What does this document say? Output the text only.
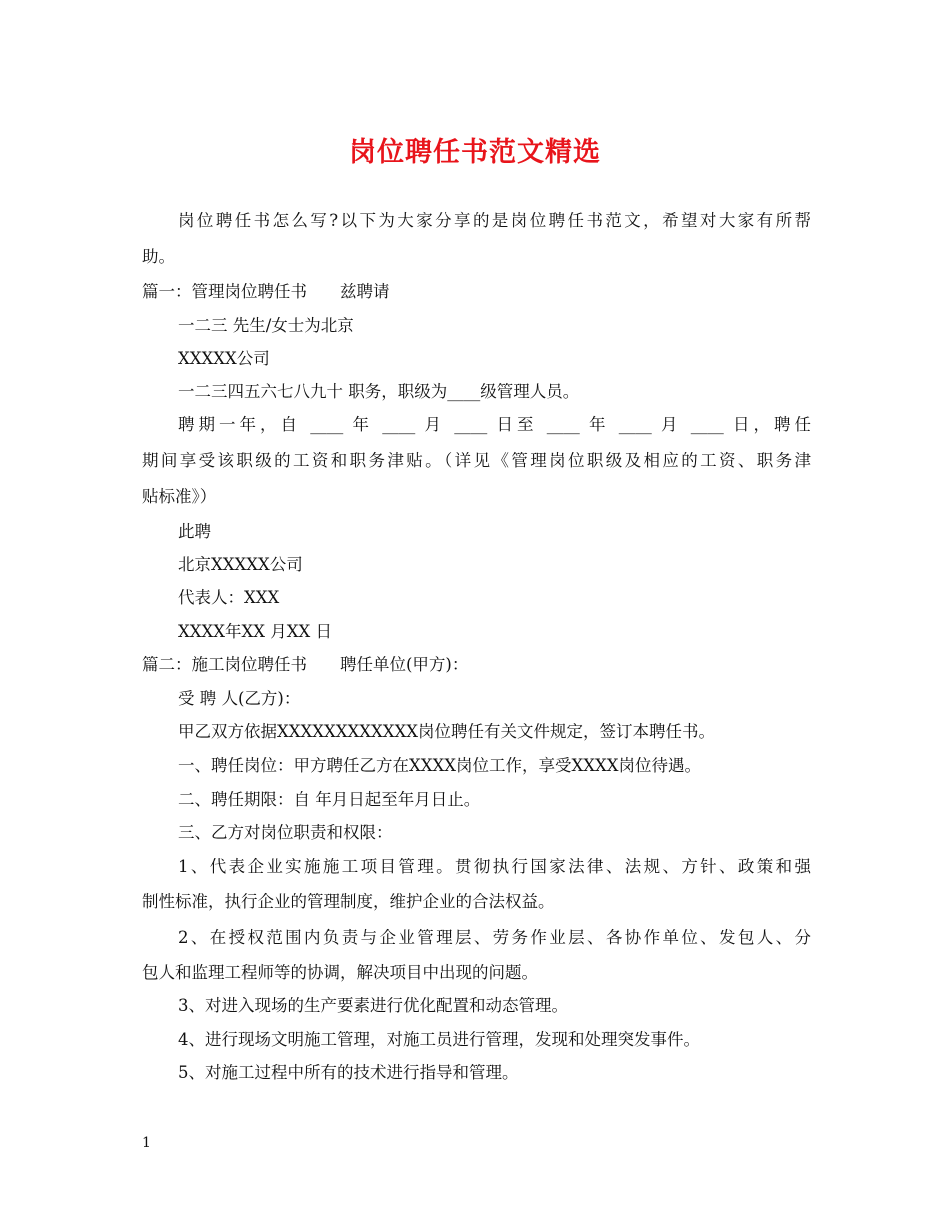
岗位聘任书范文精选
岗位聘任书怎么写?以下为大家分享的是岗位聘任书范文，希望对大家有所帮
助。
篇一：管理岗位聘任书　　兹聘请
一二三 先生/女士为北京
XXXXX公司
一二三四五六七八九十 职务，职级为____级管理人员。
聘期一年，自 ____ 年 ____ 月 ____ 日至 ____ 年 ____ 月 ____ 日，聘任
期间享受该职级的工资和职务津贴。（详见《管理岗位职级及相应的工资、职务津
贴标准》）
此聘
北京XXXXX公司
代表人：XXX
XXXX年XX 月XX 日
篇二：施工岗位聘任书　　聘任单位(甲方)：
受 聘 人(乙方)：
甲乙双方依据XXXXXXXXXXXX岗位聘任有关文件规定，签订本聘任书。
一、聘任岗位：甲方聘任乙方在XXXX岗位工作，享受XXXX岗位待遇。
二、聘任期限：自 年月日起至年月日止。
三、乙方对岗位职责和权限：
1、代表企业实施施工项目管理。贯彻执行国家法律、法规、方针、政策和强
制性标准，执行企业的管理制度，维护企业的合法权益。
2、在授权范围内负责与企业管理层、劳务作业层、各协作单位、发包人、分
包人和监理工程师等的协调，解决项目中出现的问题。
3、对进入现场的生产要素进行优化配置和动态管理。
4、进行现场文明施工管理，对施工员进行管理，发现和处理突发事件。
5、对施工过程中所有的技术进行指导和管理。
1
